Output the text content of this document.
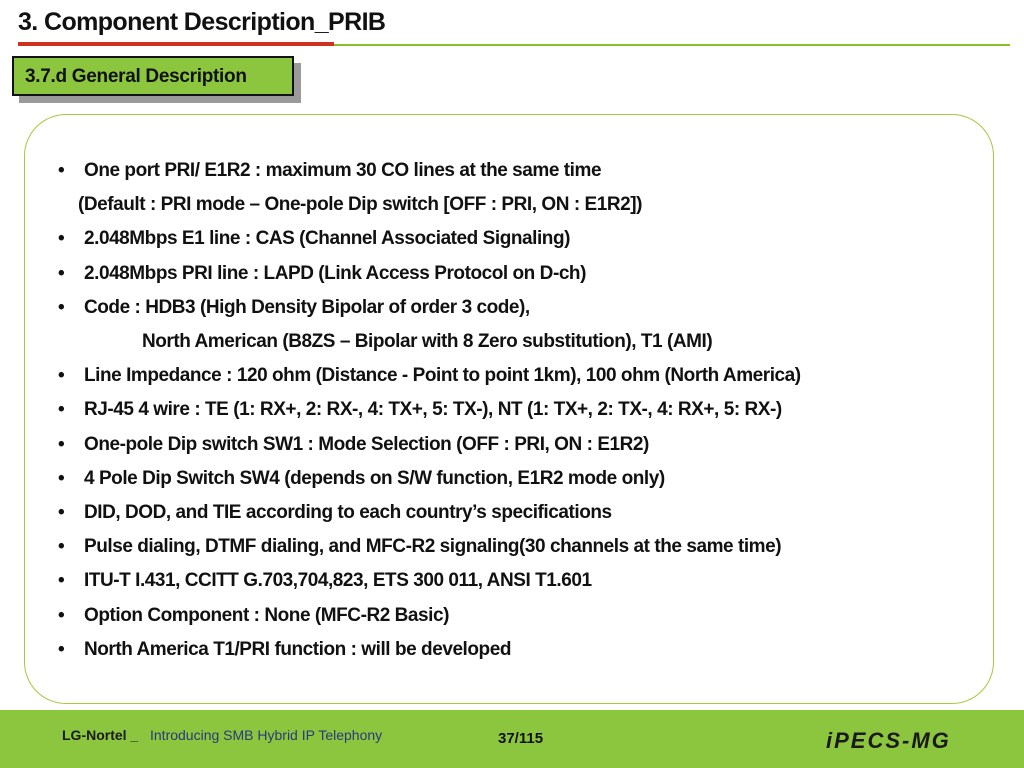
3. Component Description_PRIB
3.7.d General Description
•	One port PRI/ E1R2 : maximum 30 CO lines at the same time
(Default : PRI mode – One-pole Dip switch [OFF : PRI, ON : E1R2])
•	2.048Mbps E1 line : CAS (Channel Associated Signaling)
•	2.048Mbps PRI line : LAPD (Link Access Protocol on D-ch)
•	Code : HDB3 (High Density Bipolar of order 3 code),
North American (B8ZS – Bipolar with 8 Zero substitution), T1 (AMI)
•	Line Impedance : 120 ohm (Distance - Point to point 1km), 100 ohm (North America)
•	RJ-45 4 wire : TE (1: RX+, 2: RX-, 4: TX+, 5: TX-), NT (1: TX+, 2: TX-, 4: RX+, 5: RX-)
•	One-pole Dip switch SW1 : Mode Selection (OFF : PRI, ON : E1R2)
•	4 Pole Dip Switch SW4 (depends on S/W function, E1R2 mode only)
•	DID, DOD, and TIE according to each country’s specifications
•	Pulse dialing, DTMF dialing, and MFC-R2 signaling(30 channels at the same time)
•	ITU-T I.431, CCITT G.703,704,823, ETS 300 011, ANSI T1.601
•	Option Component : None (MFC-R2 Basic)
•	North America T1/PRI function : will be developed
LG-Nortel _ Introducing SMB Hybrid IP Telephony	37/115	iPECS-MG
